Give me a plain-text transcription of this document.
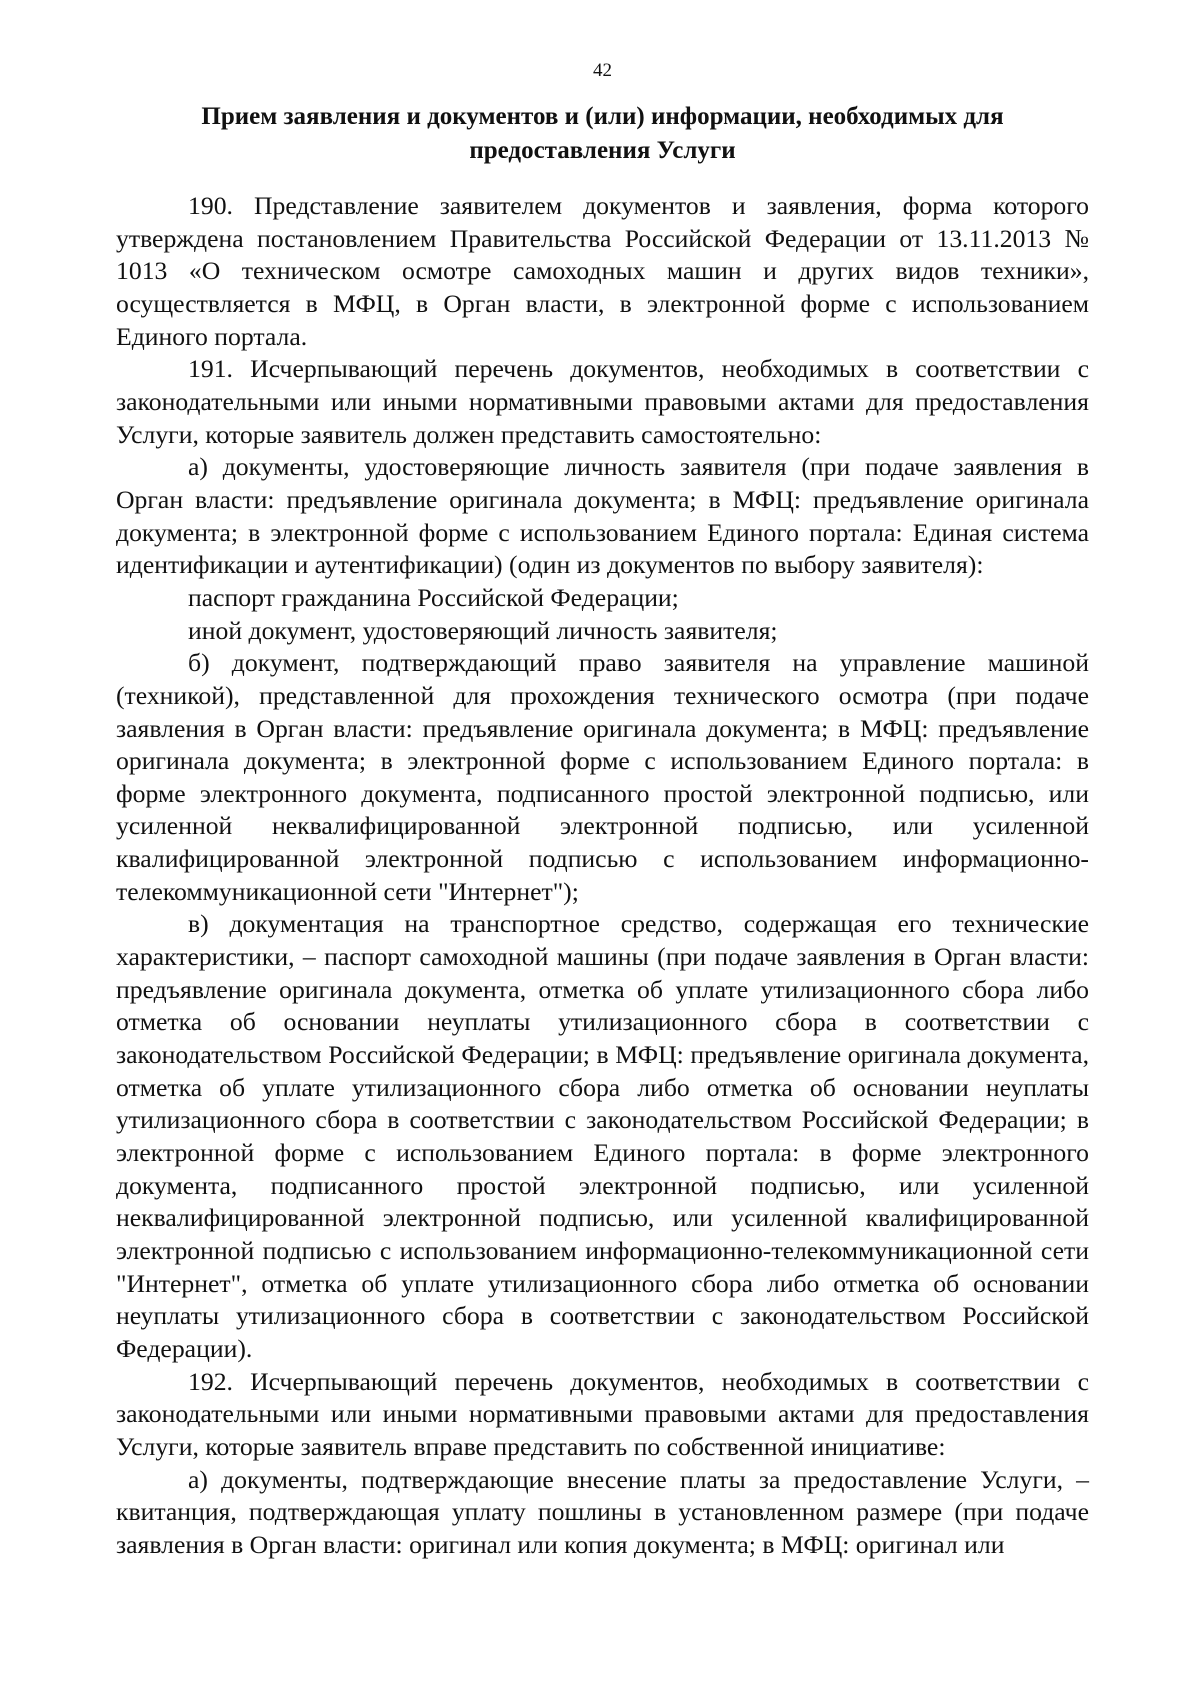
42
Прием заявления и документов и (или) информации, необходимых для предоставления Услуги

190. Представление заявителем документов и заявления, форма которого утверждена постановлением Правительства Российской Федерации от 13.11.2013 № 1013 «О техническом осмотре самоходных машин и других видов техники», осуществляется в МФЦ, в Орган власти, в электронной форме с использованием Единого портала.

191. Исчерпывающий перечень документов, необходимых в соответствии с законодательными или иными нормативными правовыми актами для предоставления Услуги, которые заявитель должен представить самостоятельно:

а) документы, удостоверяющие личность заявителя (при подаче заявления в Орган власти: предъявление оригинала документа; в МФЦ: предъявление оригинала документа; в электронной форме с использованием Единого портала: Единая система идентификации и аутентификации) (один из документов по выбору заявителя):

паспорт гражданина Российской Федерации;

иной документ, удостоверяющий личность заявителя;

б) документ, подтверждающий право заявителя на управление машиной (техникой), представленной для прохождения технического осмотра (при подаче заявления в Орган власти: предъявление оригинала документа; в МФЦ: предъявление оригинала документа; в электронной форме с использованием Единого портала: в форме электронного документа, подписанного простой электронной подписью, или усиленной неквалифицированной электронной подписью, или усиленной квалифицированной электронной подписью с использованием информационно-телекоммуникационной сети "Интернет");

в) документация на транспортное средство, содержащая его технические характеристики, – паспорт самоходной машины (при подаче заявления в Орган власти: предъявление оригинала документа, отметка об уплате утилизационного сбора либо отметка об основании неуплаты утилизационного сбора в соответствии с законодательством Российской Федерации; в МФЦ: предъявление оригинала документа, отметка об уплате утилизационного сбора либо отметка об основании неуплаты утилизационного сбора в соответствии с законодательством Российской Федерации; в электронной форме с использованием Единого портала: в форме электронного документа, подписанного простой электронной подписью, или усиленной неквалифицированной электронной подписью, или усиленной квалифицированной электронной подписью с использованием информационно-телекоммуникационной сети "Интернет", отметка об уплате утилизационного сбора либо отметка об основании неуплаты утилизационного сбора в соответствии с законодательством Российской Федерации).

192. Исчерпывающий перечень документов, необходимых в соответствии с законодательными или иными нормативными правовыми актами для предоставления Услуги, которые заявитель вправе представить по собственной инициативе:

а) документы, подтверждающие внесение платы за предоставление Услуги, – квитанция, подтверждающая уплату пошлины в установленном размере (при подаче заявления в Орган власти: оригинал или копия документа; в МФЦ: оригинал или
